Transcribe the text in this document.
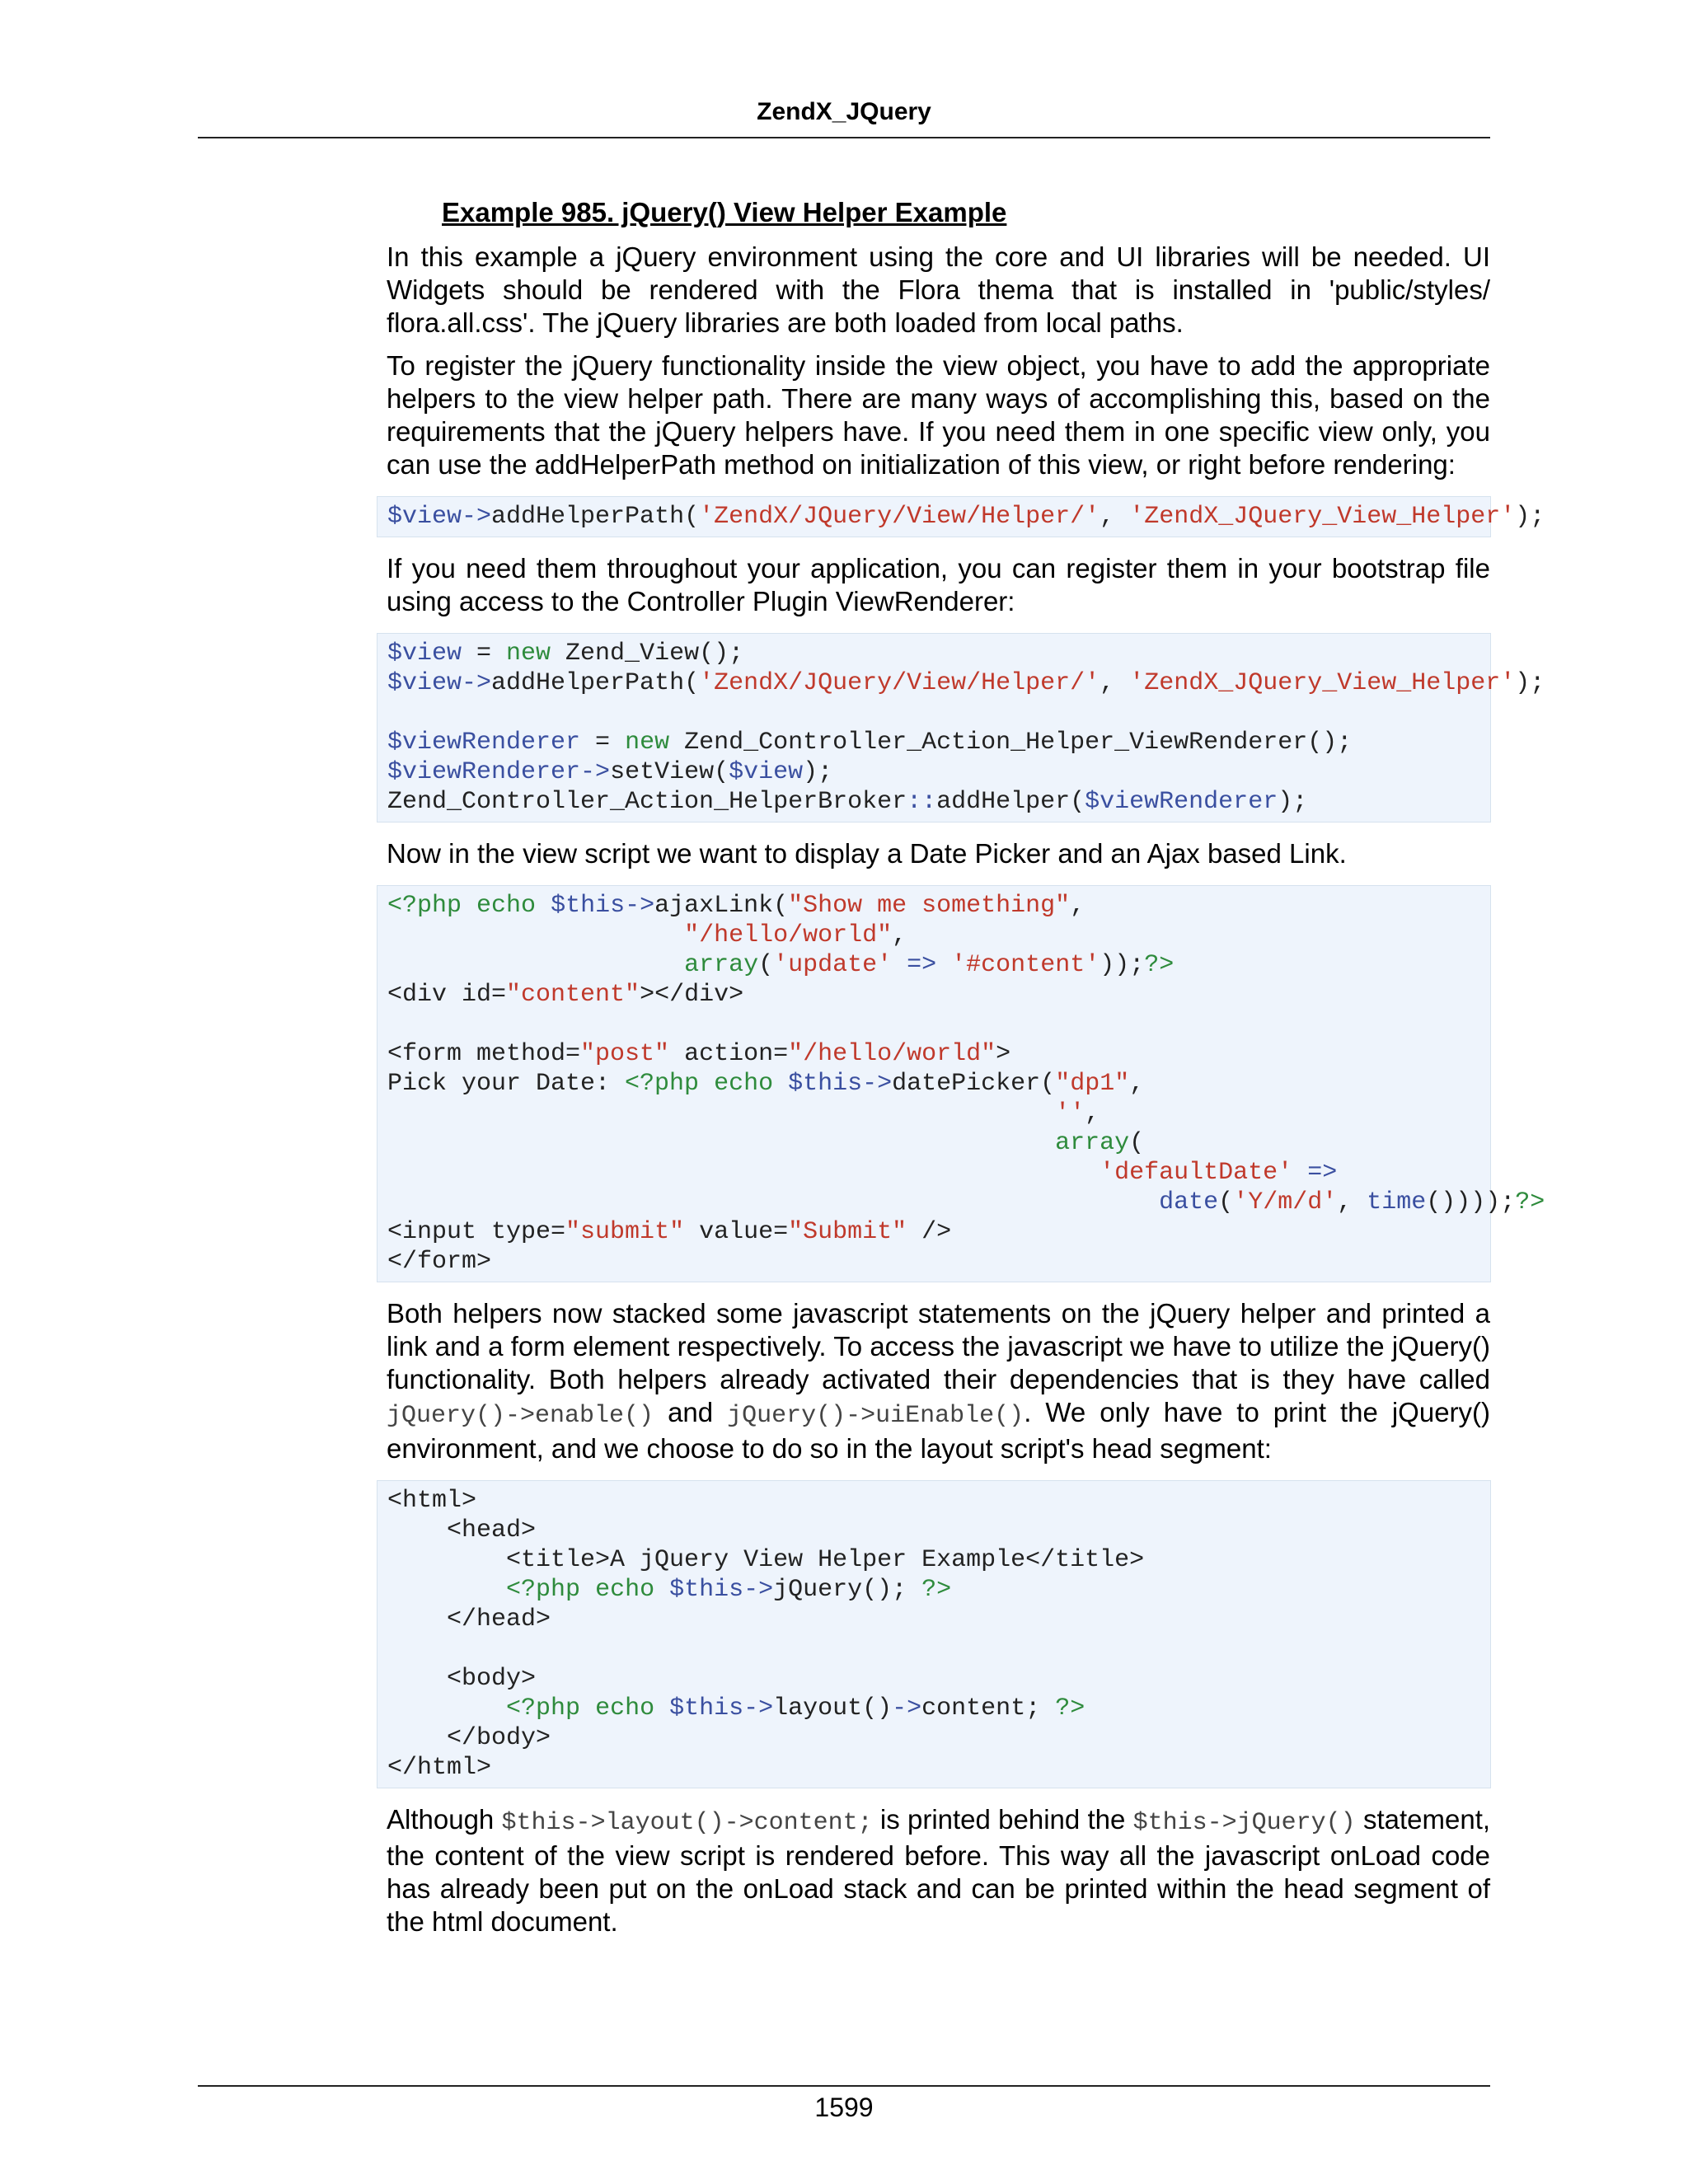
ZendX_JQuery
Example 985. jQuery() View Helper Example

In this example a jQuery environment using the core and UI libraries will be needed. UI Widgets should be rendered with the Flora thema that is installed in 'public/styles/ flora.all.css'. The jQuery libraries are both loaded from local paths.

To register the jQuery functionality inside the view object, you have to add the appropriate helpers to the view helper path. There are many ways of accomplishing this, based on the requirements that the jQuery helpers have. If you need them in one specific view only, you can use the addHelperPath method on initialization of this view, or right before rendering:

$view->addHelperPath('ZendX/JQuery/View/Helper/', 'ZendX_JQuery_View_Helper');

If you need them throughout your application, you can register them in your bootstrap file using access to the Controller Plugin ViewRenderer:

$view = new Zend_View();
$view->addHelperPath('ZendX/JQuery/View/Helper/', 'ZendX_JQuery_View_Helper');
$viewRenderer = new Zend_Controller_Action_Helper_ViewRenderer();
$viewRenderer->setView($view);
Zend_Controller_Action_HelperBroker::addHelper($viewRenderer);

Now in the view script we want to display a Date Picker and an Ajax based Link.

<?php echo $this->ajaxLink("Show me something",
"/hello/world",
array('update' => '#content'));?>
<div id="content"></div>
<form method="post" action="/hello/world">
Pick your Date: <?php echo $this->datePicker("dp1",
'',
array(
'defaultDate' =>
date('Y/m/d', time())));?>
<input type="submit" value="Submit" />
</form>

Both helpers now stacked some javascript statements on the jQuery helper and printed a link and a form element respectively. To access the javascript we have to utilize the jQuery() functionality. Both helpers already activated their dependencies that is they have called jQuery()->enable() and jQuery()->uiEnable(). We only have to print the jQuery() environment, and we choose to do so in the layout script's head segment:

<html>
<head>
<title>A jQuery View Helper Example</title>
<?php echo $this->jQuery(); ?>
</head>
<body>
<?php echo $this->layout()->content; ?>
</body>
</html>

Although $this->layout()->content; is printed behind the $this->jQuery() statement, the content of the view script is rendered before. This way all the javascript onLoad code has already been put on the onLoad stack and can be printed within the head segment of the html document.

1599
